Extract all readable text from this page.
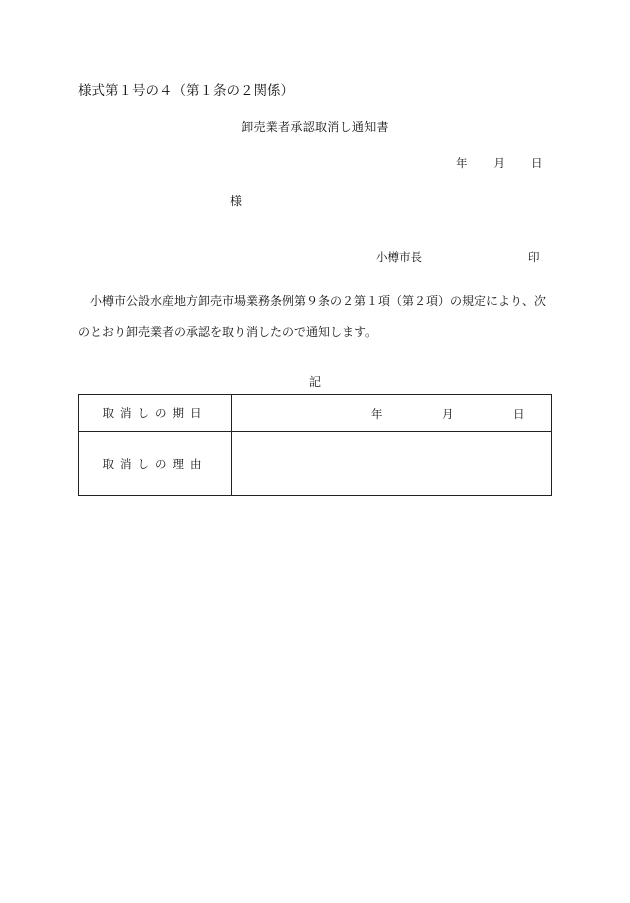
様式第１号の４（第１条の２関係）
卸売業者承認取消し通知書
年 月 日
様
小樽市長	印
小樽市公設水産地方卸売市場業務条例第９条の２第１項（第２項）の規定により、次のとおり卸売業者の承認を取り消したので通知します。
記
取消しの期日	年 月 日

取消しの理由	
